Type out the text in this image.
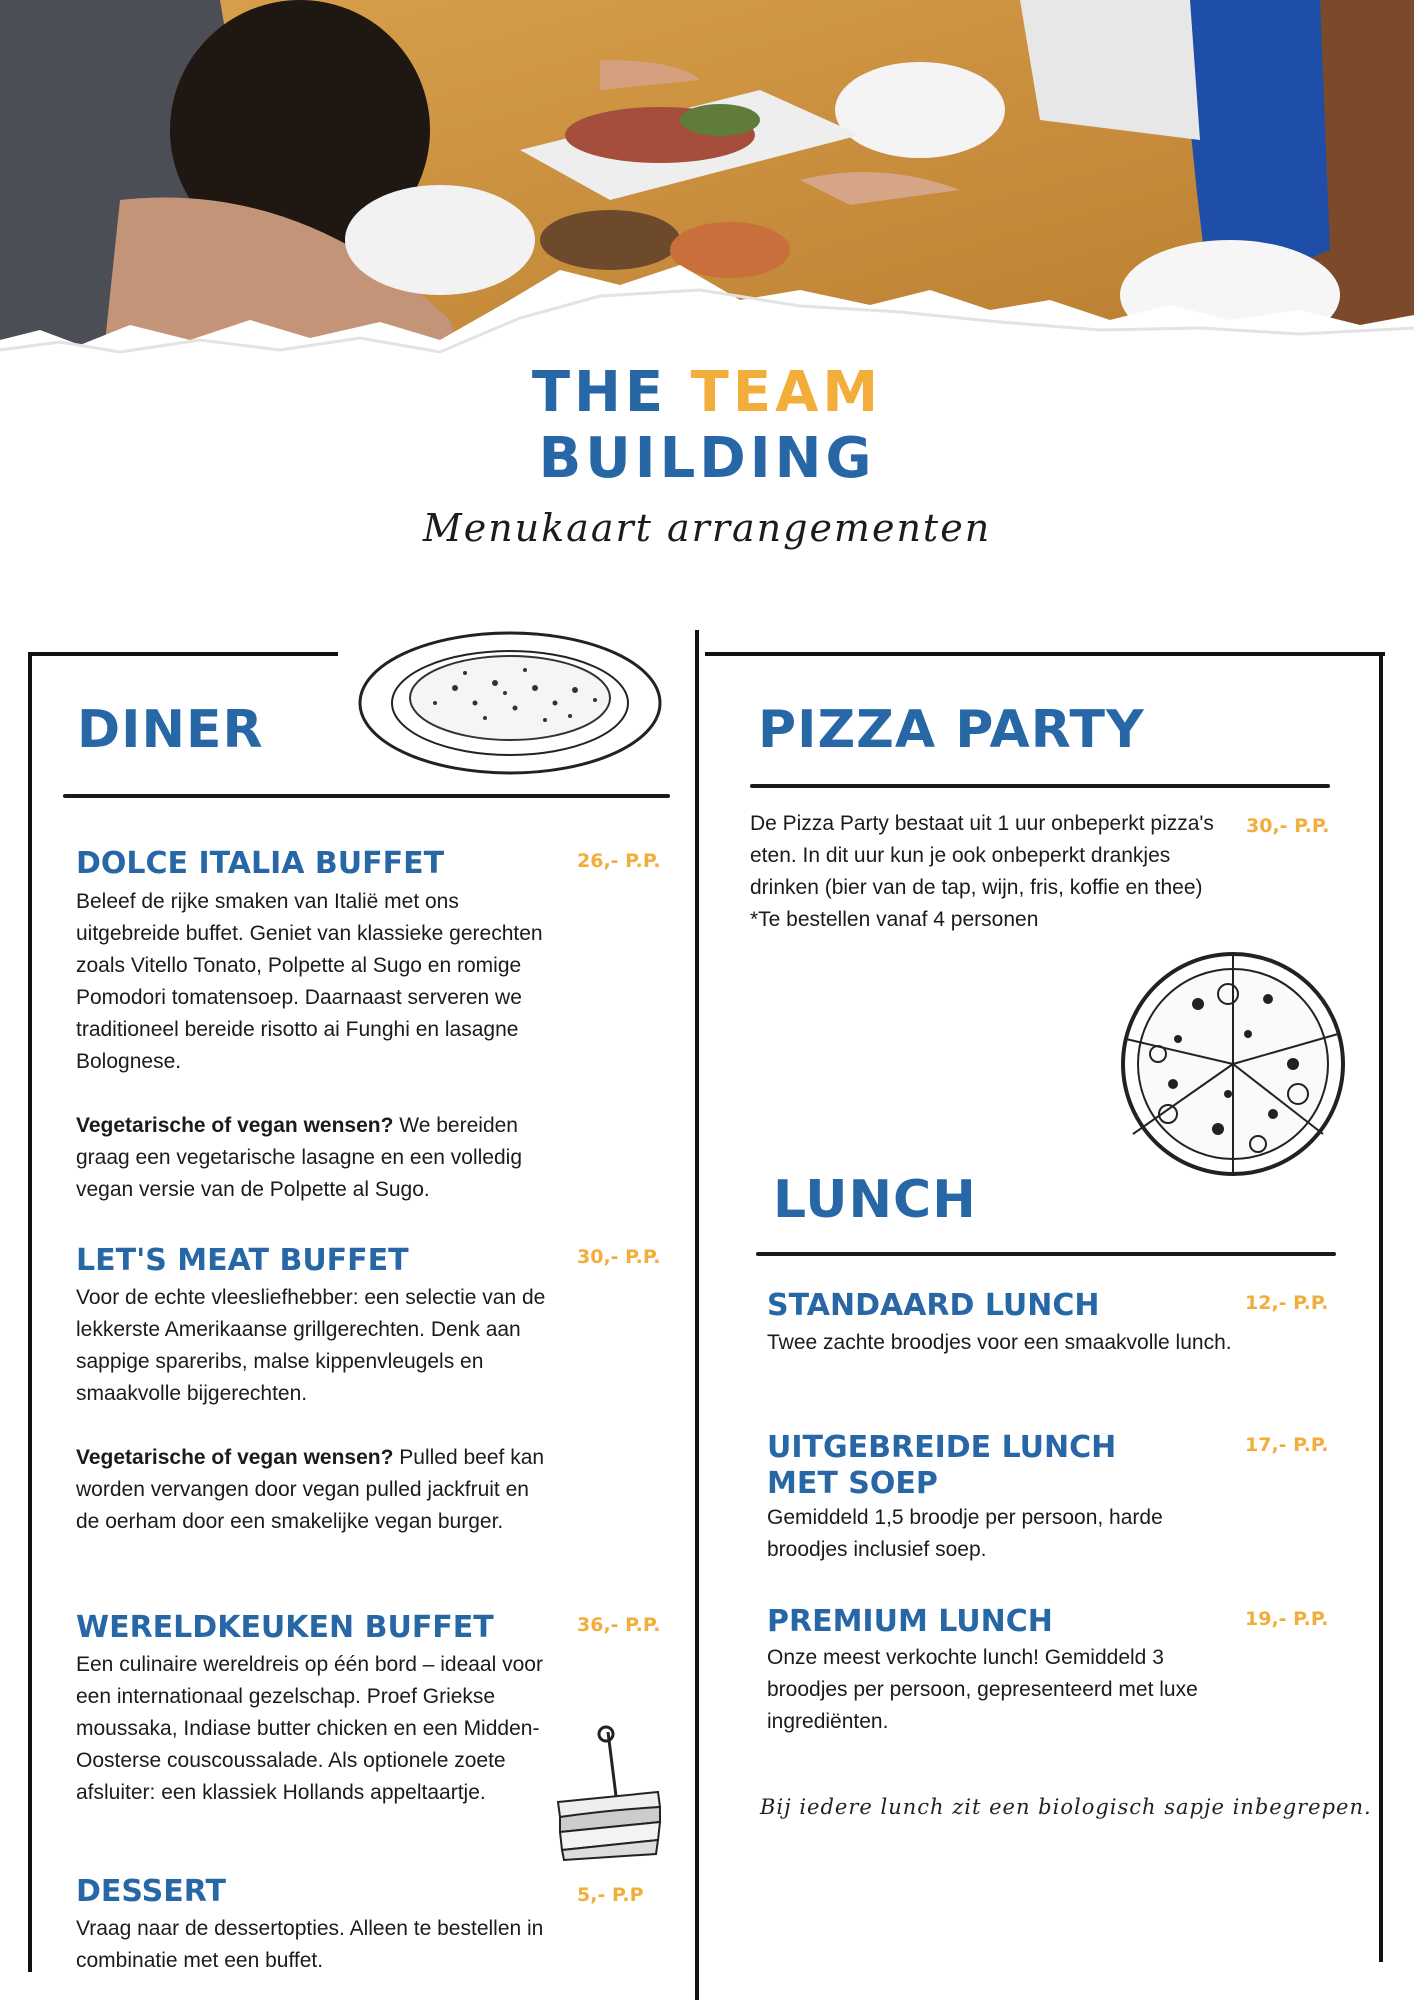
THE TEAM
BUILDING
Menukaart arrangementen
DINER
DOLCE ITALIA BUFFET	26,- P.P.
Beleef de rijke smaken van Italië met ons uitgebreide buffet. Geniet van klassieke gerechten zoals Vitello Tonato, Polpette al Sugo en romige Pomodori tomatensoep. Daarnaast serveren we traditioneel bereide risotto ai Funghi en lasagne Bolognese.

Vegetarische of vegan wensen? We bereiden graag een vegetarische lasagne en een volledig vegan versie van de Polpette al Sugo.
LET'S MEAT BUFFET	30,- P.P.
Voor de echte vleesliefhebber: een selectie van de lekkerste Amerikaanse grillgerechten. Denk aan sappige spareribs, malse kippenvleugels en smaakvolle bijgerechten.

Vegetarische of vegan wensen? Pulled beef kan worden vervangen door vegan pulled jackfruit en de oerham door een smakelijke vegan burger.
WERELDKEUKEN BUFFET	36,- P.P.
Een culinaire wereldreis op één bord – ideaal voor een internationaal gezelschap. Proef Griekse moussaka, Indiase butter chicken en een Midden-Oosterse couscoussalade. Als optionele zoete afsluiter: een klassiek Hollands appeltaartje.
DESSERT	5,- P.P
Vraag naar de dessertopties. Alleen te bestellen in combinatie met een buffet.
PIZZA PARTY
De Pizza Party bestaat uit 1 uur onbeperkt pizza's eten. In dit uur kun je ook onbeperkt drankjes drinken (bier van de tap, wijn, fris, koffie en thee)
*Te bestellen vanaf 4 personen
30,- P.P.
LUNCH
STANDAARD LUNCH	12,- P.P.
Twee zachte broodjes voor een smaakvolle lunch.
UITGEBREIDE LUNCH MET SOEP
17,- P.P.
Gemiddeld 1,5 broodje per persoon, harde broodjes inclusief soep.
PREMIUM LUNCH	19,- P.P.
Onze meest verkochte lunch! Gemiddeld 3 broodjes per persoon, gepresenteerd met luxe ingrediënten.
Bij iedere lunch zit een biologisch sapje inbegrepen.
